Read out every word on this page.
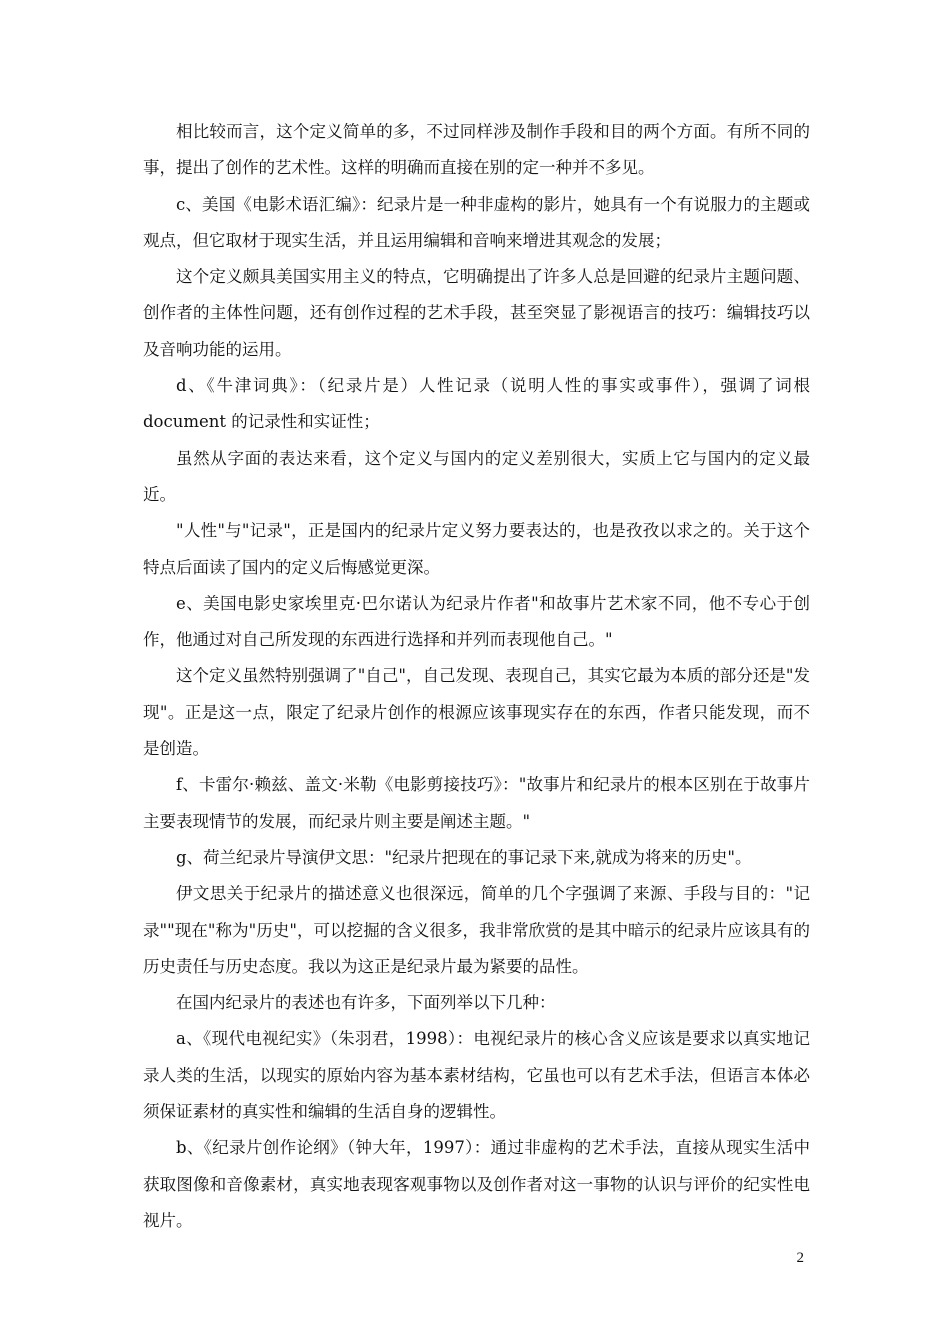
相比较而言，这个定义简单的多，不过同样涉及制作手段和目的两个方面。有所不同的事，提出了创作的艺术性。这样的明确而直接在别的定一种并不多见。

c、美国《电影术语汇编》：纪录片是一种非虚构的影片，她具有一个有说服力的主题或观点，但它取材于现实生活，并且运用编辑和音响来增进其观念的发展；

这个定义颇具美国实用主义的特点，它明确提出了许多人总是回避的纪录片主题问题、创作者的主体性问题，还有创作过程的艺术手段，甚至突显了影视语言的技巧：编辑技巧以及音响功能的运用。

d、《牛津词典》：（纪录片是）人性记录（说明人性的事实或事件），强调了词根 document 的记录性和实证性；

虽然从字面的表达来看，这个定义与国内的定义差别很大，实质上它与国内的定义最近。

"人性"与"记录"，正是国内的纪录片定义努力要表达的，也是孜孜以求之的。关于这个特点后面读了国内的定义后悔感觉更深。

e、美国电影史家埃里克·巴尔诺认为纪录片作者"和故事片艺术家不同，他不专心于创作，他通过对自己所发现的东西进行选择和并列而表现他自己。"

这个定义虽然特别强调了"自己"，自己发现、表现自己，其实它最为本质的部分还是"发现"。正是这一点，限定了纪录片创作的根源应该事现实存在的东西，作者只能发现，而不是创造。

f、卡雷尔·赖兹、盖文·米勒《电影剪接技巧》："故事片和纪录片的根本区别在于故事片主要表现情节的发展，而纪录片则主要是阐述主题。"

g、荷兰纪录片导演伊文思："纪录片把现在的事记录下来,就成为将来的历史"。

伊文思关于纪录片的描述意义也很深远，简单的几个字强调了来源、手段与目的："记录""现在"称为"历史"，可以挖掘的含义很多，我非常欣赏的是其中暗示的纪录片应该具有的历史责任与历史态度。我以为这正是纪录片最为紧要的品性。

在国内纪录片的表述也有许多，下面列举以下几种：

a、《现代电视纪实》（朱羽君，1998）：电视纪录片的核心含义应该是要求以真实地记录人类的生活，以现实的原始内容为基本素材结构，它虽也可以有艺术手法，但语言本体必须保证素材的真实性和编辑的生活自身的逻辑性。

b、《纪录片创作论纲》（钟大年，1997）：通过非虚构的艺术手法，直接从现实生活中获取图像和音像素材，真实地表现客观事物以及创作者对这一事物的认识与评价的纪实性电视片。

2
